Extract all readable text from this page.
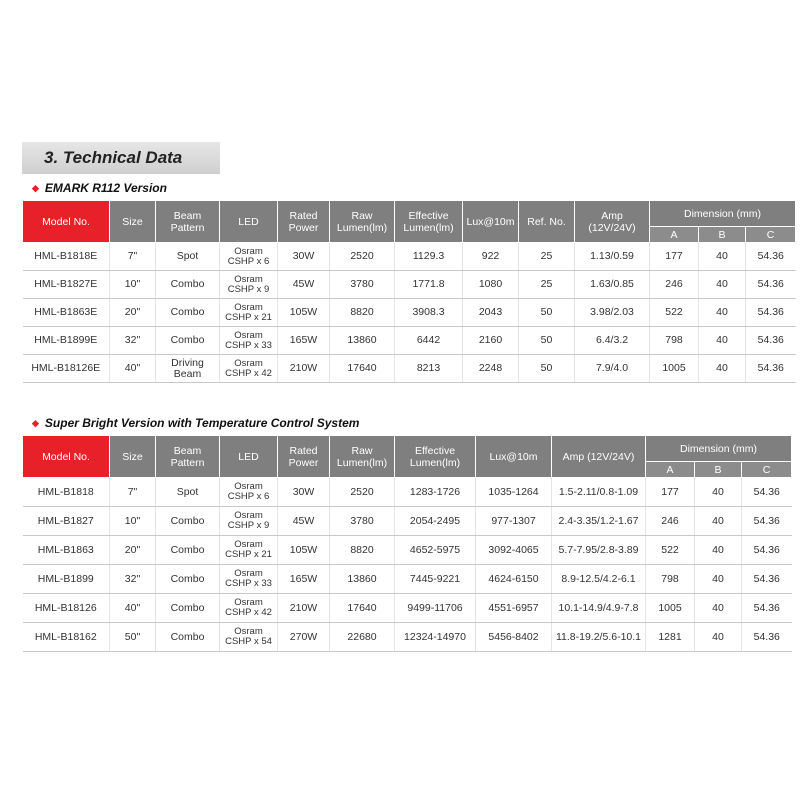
3. Technical Data
◆ EMARK R112 Version
Model No.	Size	Beam Pattern	LED	Rated Power	Raw Lumen(lm)	Effective Lumen(lm)	Lux@10m	Ref. No.	Amp (12V/24V)	Dimension (mm)		
										A	B	C
HML-B1818E	7"	Spot	Osram CSHP x 6	30W	2520	1129.3	922	25	1.13/0.59	177	40	54.36
HML-B1827E	10"	Combo	Osram CSHP x 9	45W	3780	1771.8	1080	25	1.63/0.85	246	40	54.36
HML-B1863E	20"	Combo	Osram CSHP x 21	105W	8820	3908.3	2043	50	3.98/2.03	522	40	54.36
HML-B1899E	32"	Combo	Osram CSHP x 33	165W	13860	6442	2160	50	6.4/3.2	798	40	54.36
HML-B18126E	40"	Driving Beam	Osram CSHP x 42	210W	17640	8213	2248	50	7.9/4.0	1005	40	54.36
◆ Super Bright Version with Temperature Control System
Model No.	Size	Beam Pattern	LED	Rated Power	Raw Lumen(lm)	Effective Lumen(lm)	Lux@10m	Amp (12V/24V)	Dimension (mm)		
									A	B	C
HML-B1818	7"	Spot	Osram CSHP x 6	30W	2520	1283-1726	1035-1264	1.5-2.11/0.8-1.09	177	40	54.36
HML-B1827	10"	Combo	Osram CSHP x 9	45W	3780	2054-2495	977-1307	2.4-3.35/1.2-1.67	246	40	54.36
HML-B1863	20"	Combo	Osram CSHP x 21	105W	8820	4652-5975	3092-4065	5.7-7.95/2.8-3.89	522	40	54.36
HML-B1899	32"	Combo	Osram CSHP x 33	165W	13860	7445-9221	4624-6150	8.9-12.5/4.2-6.1	798	40	54.36
HML-B18126	40"	Combo	Osram CSHP x 42	210W	17640	9499-11706	4551-6957	10.1-14.9/4.9-7.8	1005	40	54.36
HML-B18162	50"	Combo	Osram CSHP x 54	270W	22680	12324-14970	5456-8402	11.8-19.2/5.6-10.1	1281	40	54.36
